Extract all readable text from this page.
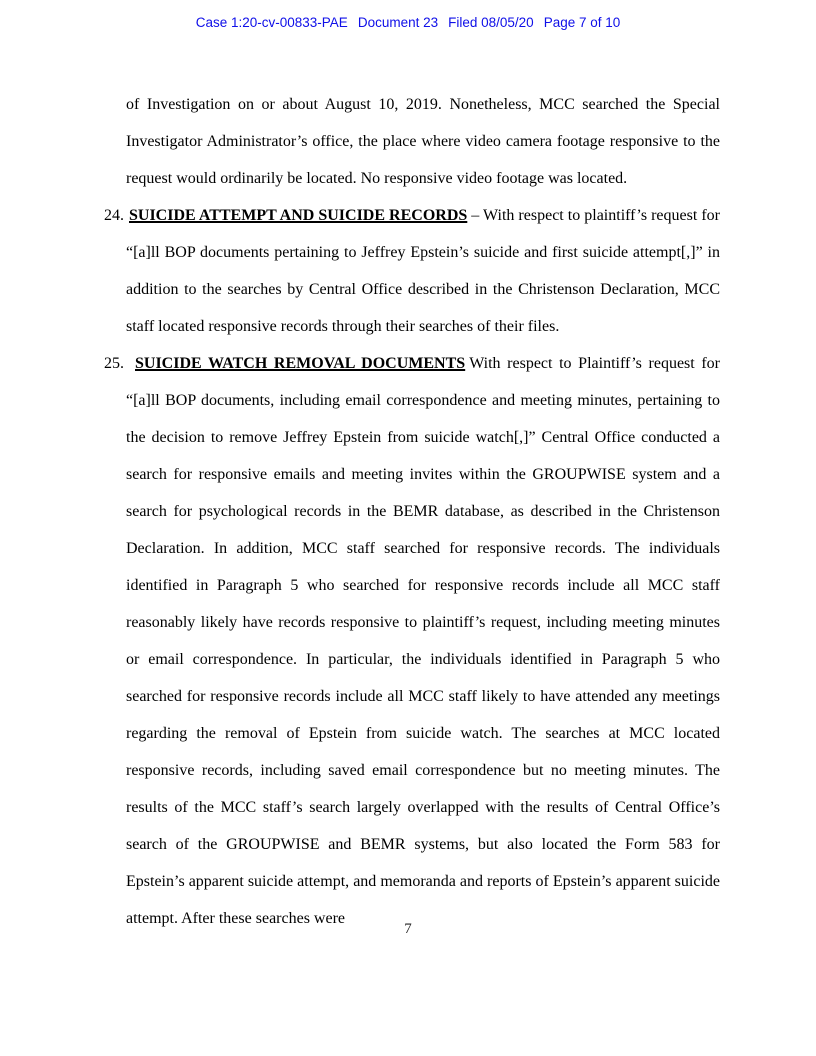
Case 1:20-cv-00833-PAE Document 23 Filed 08/05/20 Page 7 of 10

of Investigation on or about August 10, 2019. Nonetheless, MCC searched the Special Investigator Administrator’s office, the place where video camera footage responsive to the request would ordinarily be located. No responsive video footage was located.

24. SUICIDE ATTEMPT AND SUICIDE RECORDS – With respect to plaintiff’s request for “[a]ll BOP documents pertaining to Jeffrey Epstein’s suicide and first suicide attempt[,]” in addition to the searches by Central Office described in the Christenson Declaration, MCC staff located responsive records through their searches of their files.

25. SUICIDE WATCH REMOVAL DOCUMENTS With respect to Plaintiff’s request for “[a]ll BOP documents, including email correspondence and meeting minutes, pertaining to the decision to remove Jeffrey Epstein from suicide watch[,]” Central Office conducted a search for responsive emails and meeting invites within the GROUPWISE system and a search for psychological records in the BEMR database, as described in the Christenson Declaration. In addition, MCC staff searched for responsive records. The individuals identified in Paragraph 5 who searched for responsive records include all MCC staff reasonably likely have records responsive to plaintiff’s request, including meeting minutes or email correspondence. In particular, the individuals identified in Paragraph 5 who searched for responsive records include all MCC staff likely to have attended any meetings regarding the removal of Epstein from suicide watch. The searches at MCC located responsive records, including saved email correspondence but no meeting minutes. The results of the MCC staff’s search largely overlapped with the results of Central Office’s search of the GROUPWISE and BEMR systems, but also located the Form 583 for Epstein’s apparent suicide attempt, and memoranda and reports of Epstein’s apparent suicide attempt. After these searches were

7
